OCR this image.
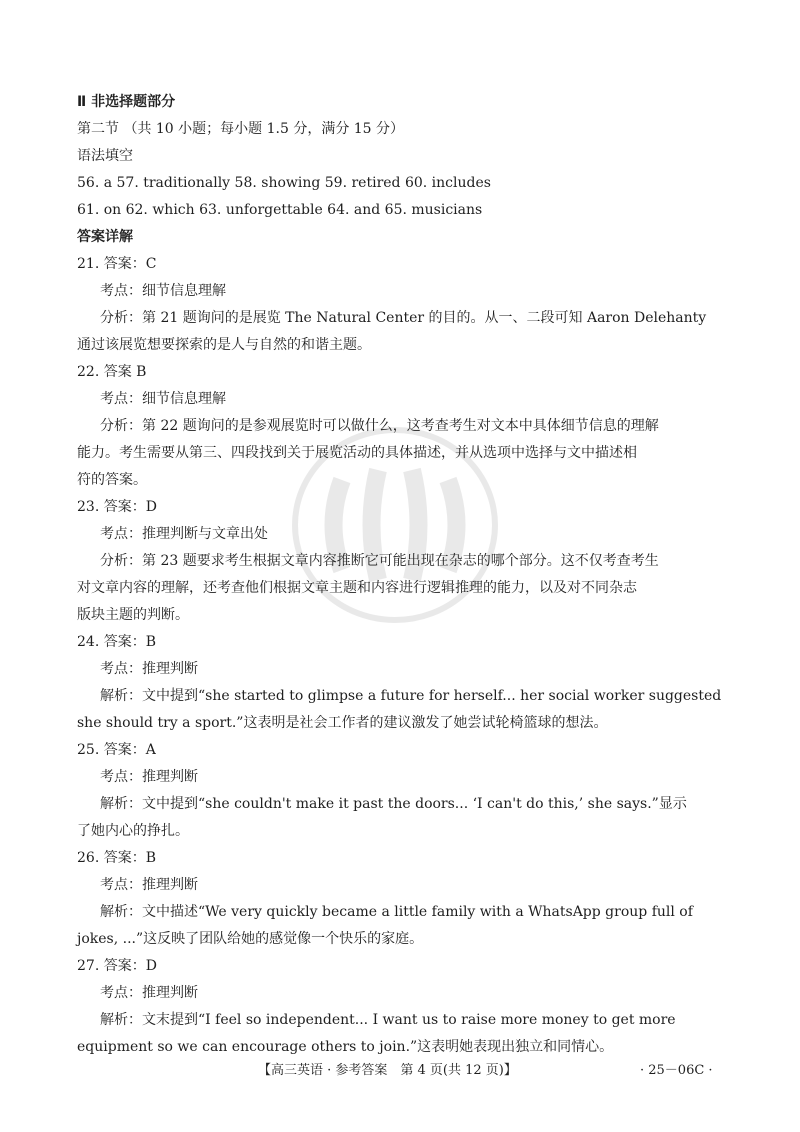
Ⅱ 非选择题部分
第二节 （共 10 小题；每小题 1.5 分，满分 15 分）
语法填空
56. a 57. traditionally 58. showing 59. retired 60. includes
61. on 62. which 63. unforgettable 64. and 65. musicians
答案详解
21. 答案：C
考点：细节信息理解
分析：第 21 题询问的是展览 The Natural Center 的目的。从一、二段可知 Aaron Delehanty
通过该展览想要探索的是人与自然的和谐主题。
22. 答案 B
考点：细节信息理解
分析：第 22 题询问的是参观展览时可以做什么，这考查考生对文本中具体细节信息的理解
能力。考生需要从第三、四段找到关于展览活动的具体描述，并从选项中选择与文中描述相
符的答案。
23. 答案：D
考点：推理判断与文章出处
分析：第 23 题要求考生根据文章内容推断它可能出现在杂志的哪个部分。这不仅考查考生
对文章内容的理解，还考查他们根据文章主题和内容进行逻辑推理的能力，以及对不同杂志
版块主题的判断。
24. 答案：B
考点：推理判断
解析：文中提到“she started to glimpse a future for herself... her social worker suggested
she should try a sport.”这表明是社会工作者的建议激发了她尝试轮椅篮球的想法。
25. 答案：A
考点：推理判断
解析：文中提到“she couldn't make it past the doors... ‘I can't do this,’ she says.”显示
了她内心的挣扎。
26. 答案：B
考点：推理判断
解析：文中描述“We very quickly became a little family with a WhatsApp group full of
jokes, ...”这反映了团队给她的感觉像一个快乐的家庭。
27. 答案：D
考点：推理判断
解析：文末提到“I feel so independent... I want us to raise more money to get more
equipment so we can encourage others to join.”这表明她表现出独立和同情心。
【高三英语 · 参考答案　第 4 页(共 12 页)】	· 25－06C ·
